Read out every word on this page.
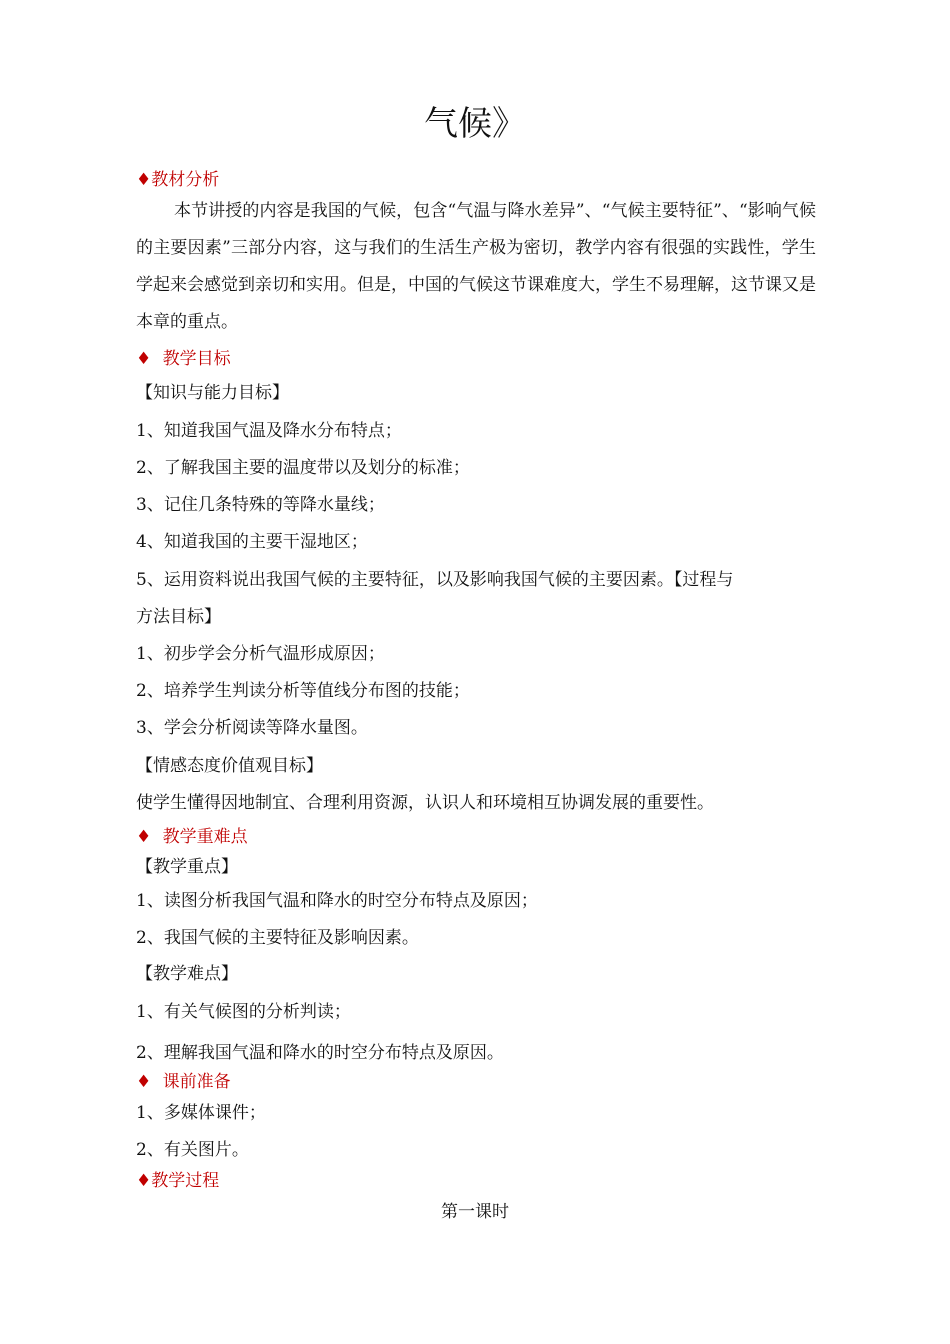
气候》
♦教材分析
本节讲授的内容是我国的气候，包含“气温与降水差异”、“气候主要特征”、“影响气候的主要因素”三部分内容，这与我们的生活生产极为密切，教学内容有很强的实践性，学生学起来会感觉到亲切和实用。但是，中国的气候这节课难度大，学生不易理解，这节课又是本章的重点。
♦ 教学目标
【知识与能力目标】
1、知道我国气温及降水分布特点；
2、了解我国主要的温度带以及划分的标准；
3、记住几条特殊的等降水量线；
4、知道我国的主要干湿地区；
5、运用资料说出我国气候的主要特征，以及影响我国气候的主要因素。【过程与
方法目标】
1、初步学会分析气温形成原因；
2、培养学生判读分析等值线分布图的技能；
3、学会分析阅读等降水量图。
【情感态度价值观目标】
使学生懂得因地制宜、合理利用资源，认识人和环境相互协调发展的重要性。
♦ 教学重难点
【教学重点】
1、读图分析我国气温和降水的时空分布特点及原因；
2、我国气候的主要特征及影响因素。
【教学难点】
1、有关气候图的分析判读；
2、理解我国气温和降水的时空分布特点及原因。
♦ 课前准备
1、多媒体课件；
2、有关图片。
♦教学过程
第一课时
